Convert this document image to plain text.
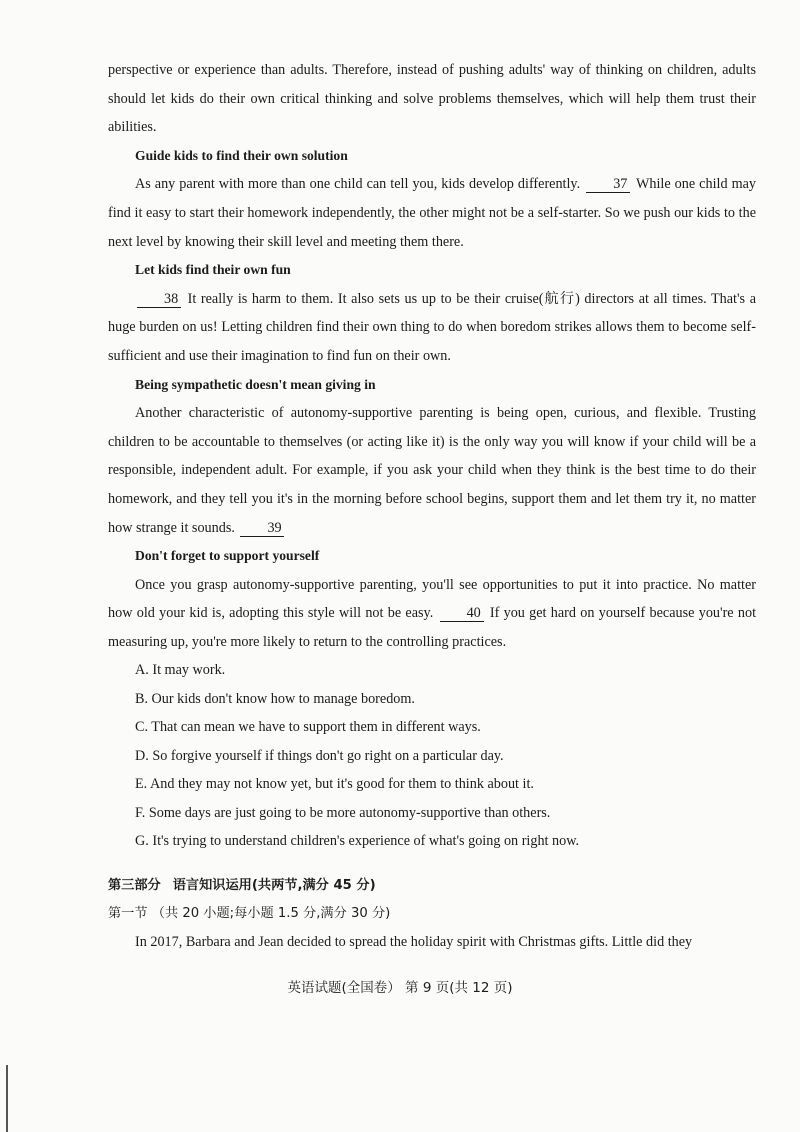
perspective or experience than adults. Therefore, instead of pushing adults' way of thinking on children, adults should let kids do their own critical thinking and solve problems themselves, which will help them trust their abilities.

Guide kids to find their own solution

As any parent with more than one child can tell you, kids develop differently. 37 While one child may find it easy to start their homework independently, the other might not be a self-starter. So we push our kids to the next level by knowing their skill level and meeting them there.

Let kids find their own fun

38 It really is harm to them. It also sets us up to be their cruise(航行) directors at all times. That's a huge burden on us! Letting children find their own thing to do when boredom strikes allows them to become self-sufficient and use their imagination to find fun on their own.

Being sympathetic doesn't mean giving in

Another characteristic of autonomy-supportive parenting is being open, curious, and flexible. Trusting children to be accountable to themselves (or acting like it) is the only way you will know if your child will be a responsible, independent adult. For example, if you ask your child when they think is the best time to do their homework, and they tell you it's in the morning before school begins, support them and let them try it, no matter how strange it sounds. 39

Don't forget to support yourself

Once you grasp autonomy-supportive parenting, you'll see opportunities to put it into practice. No matter how old your kid is, adopting this style will not be easy. 40 If you get hard on yourself because you're not measuring up, you're more likely to return to the controlling practices.

A. It may work.

B. Our kids don't know how to manage boredom.

C. That can mean we have to support them in different ways.

D. So forgive yourself if things don't go right on a particular day.

E. And they may not know yet, but it's good for them to think about it.

F. Some days are just going to be more autonomy-supportive than others.

G. It's trying to understand children's experience of what's going on right now.

第三部分 语言知识运用(共两节,满分 45 分)

第一节 （共 20 小题;每小题 1.5 分,满分 30 分)

In 2017, Barbara and Jean decided to spread the holiday spirit with Christmas gifts. Little did they

英语试题(全国卷） 第 9 页(共 12 页)
